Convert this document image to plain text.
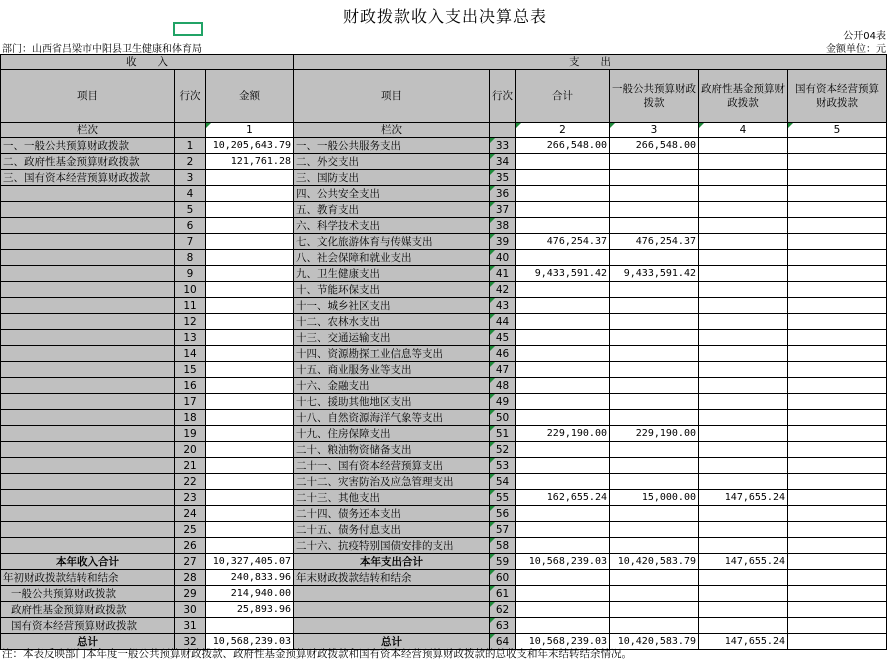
财政拨款收入支出决算总表
公开04表
部门：山西省吕梁市中阳县卫生健康和体育局	金额单位：元
收　　入			支　　出					
项目	行次	金额	项目	行次	合计	一般公共预算财政拨款	政府性基金预算财政拨款	国有资本经营预算财政拨款
栏次		1	栏次		2	3	4	5
一、一般公共预算财政拨款	1	10,205,643.79	一、一般公共服务支出	33	266,548.00	266,548.00		
二、政府性基金预算财政拨款	2	121,761.28	二、外交支出	34				
三、国有资本经营预算财政拨款	3		三、国防支出	35				
	4		四、公共安全支出	36				
	5		五、教育支出	37				
	6		六、科学技术支出	38				
	7		七、文化旅游体育与传媒支出	39	476,254.37	476,254.37		
	8		八、社会保障和就业支出	40				
	9		九、卫生健康支出	41	9,433,591.42	9,433,591.42		
	10		十、节能环保支出	42				
	11		十一、城乡社区支出	43				
	12		十二、农林水支出	44				
	13		十三、交通运输支出	45				
	14		十四、资源勘探工业信息等支出	46				
	15		十五、商业服务业等支出	47				
	16		十六、金融支出	48				
	17		十七、援助其他地区支出	49				
	18		十八、自然资源海洋气象等支出	50				
	19		十九、住房保障支出	51	229,190.00	229,190.00		
	20		二十、粮油物资储备支出	52				
	21		二十一、国有资本经营预算支出	53				
	22		二十二、灾害防治及应急管理支出	54				
	23		二十三、其他支出	55	162,655.24	15,000.00	147,655.24	
	24		二十四、债务还本支出	56				
	25		二十五、债务付息支出	57				
	26		二十六、抗疫特别国债安排的支出	58				
本年收入合计	27	10,327,405.07	本年支出合计	59	10,568,239.03	10,420,583.79	147,655.24	
年初财政拨款结转和结余	28	240,833.96	年末财政拨款结转和结余	60				
一般公共预算财政拨款	29	214,940.00		61				
政府性基金预算财政拨款	30	25,893.96		62				
国有资本经营预算财政拨款	31			63				
总计	32	10,568,239.03	总计	64	10,568,239.03	10,420,583.79	147,655.24	
注：本表反映部门本年度一般公共预算财政拨款、政府性基金预算财政拨款和国有资本经营预算财政拨款的总收支和年末结转结余情况。
